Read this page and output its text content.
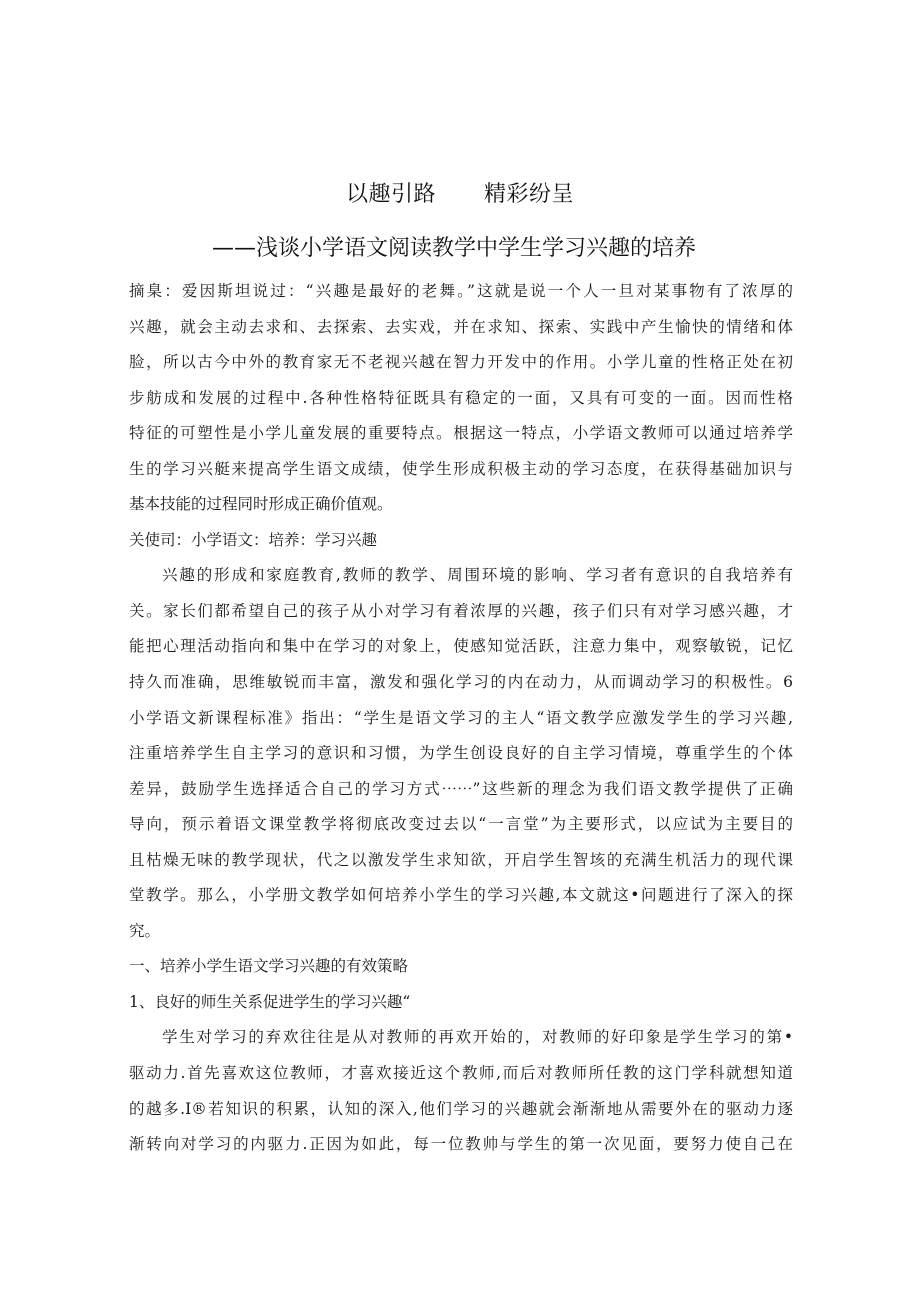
以趣引路 精彩纷呈
——浅谈小学语文阅读教学中学生学习兴趣的培养
摘臬：爱因斯坦说过：“兴趣是最好的老舞。”这就是说一个人一旦对某事物有了浓厚的
兴趣，就会主动去求和、去探索、去实戏，并在求知、探索、实践中产生愉快的情绪和体
脸，所以古今中外的教育家无不老视兴越在智力开发中的作用。小学儿童的性格正处在初
步舫成和发展的过程中.各种性格特征既具有稳定的一面，又具有可变的一面。因而性格
特征的可塑性是小学儿童发展的重要特点。根据这一特点，小学语文教师可以通过培养学
生的学习兴艇来提高学生语文成绩，使学生形成积极主动的学习态度，在获得基础加识与
基本技能的过程同时形成正确价值观。
关使司：小学语文：培养：学习兴趣
兴趣的形成和家庭教育,教师的教学、周围环境的影响、学习者有意识的自我培养有
关。家长们都希望自己的孩子从小对学习有着浓厚的兴趣，孩子们只有对学习感兴趣，才
能把心理活动指向和集中在学习的对象上，使感知觉活跃，注意力集中，观察敏锐，记忆
持久而准确，思维敏锐而丰富，激发和强化学习的内在动力，从而调动学习的积极性。6
小学语文新课程标准》指出：“学生是语文学习的主人“语文教学应激发学生的学习兴趣,
注重培养学生自主学习的意识和习惯，为学生创设良好的自主学习情境，尊重学生的个体
差异，鼓励学生选择适合自己的学习方式⋯⋯”这些新的理念为我们语文教学提供了正确
导向，预示着语文课堂教学将彻底改变过去以“一言堂”为主要形式，以应试为主要目的
且枯燥无味的教学现状，代之以激发学生求知欲，开启学生智垓的充满生机活力的现代课
堂教学。那么，小学册文教学如何培养小学生的学习兴趣,本文就这•问题进行了深入的探
究。
一、培养小学生语文学习兴趣的有效策略
1、良好的师生关系促进学生的学习兴趣“
学生对学习的弃欢往往是从对教师的再欢开始的，对教师的好印象是学生学习的第•
驱动力.首先喜欢这位教师，才喜欢接近这个教师,而后对教师所任教的这门学科就想知道
的越多.I®若知识的积累，认知的深入,他们学习的兴趣就会渐渐地从需要外在的驱动力逐
渐转向对学习的内驱力.正因为如此，每一位教帅与学生的第一次见面，要努力使自己在
